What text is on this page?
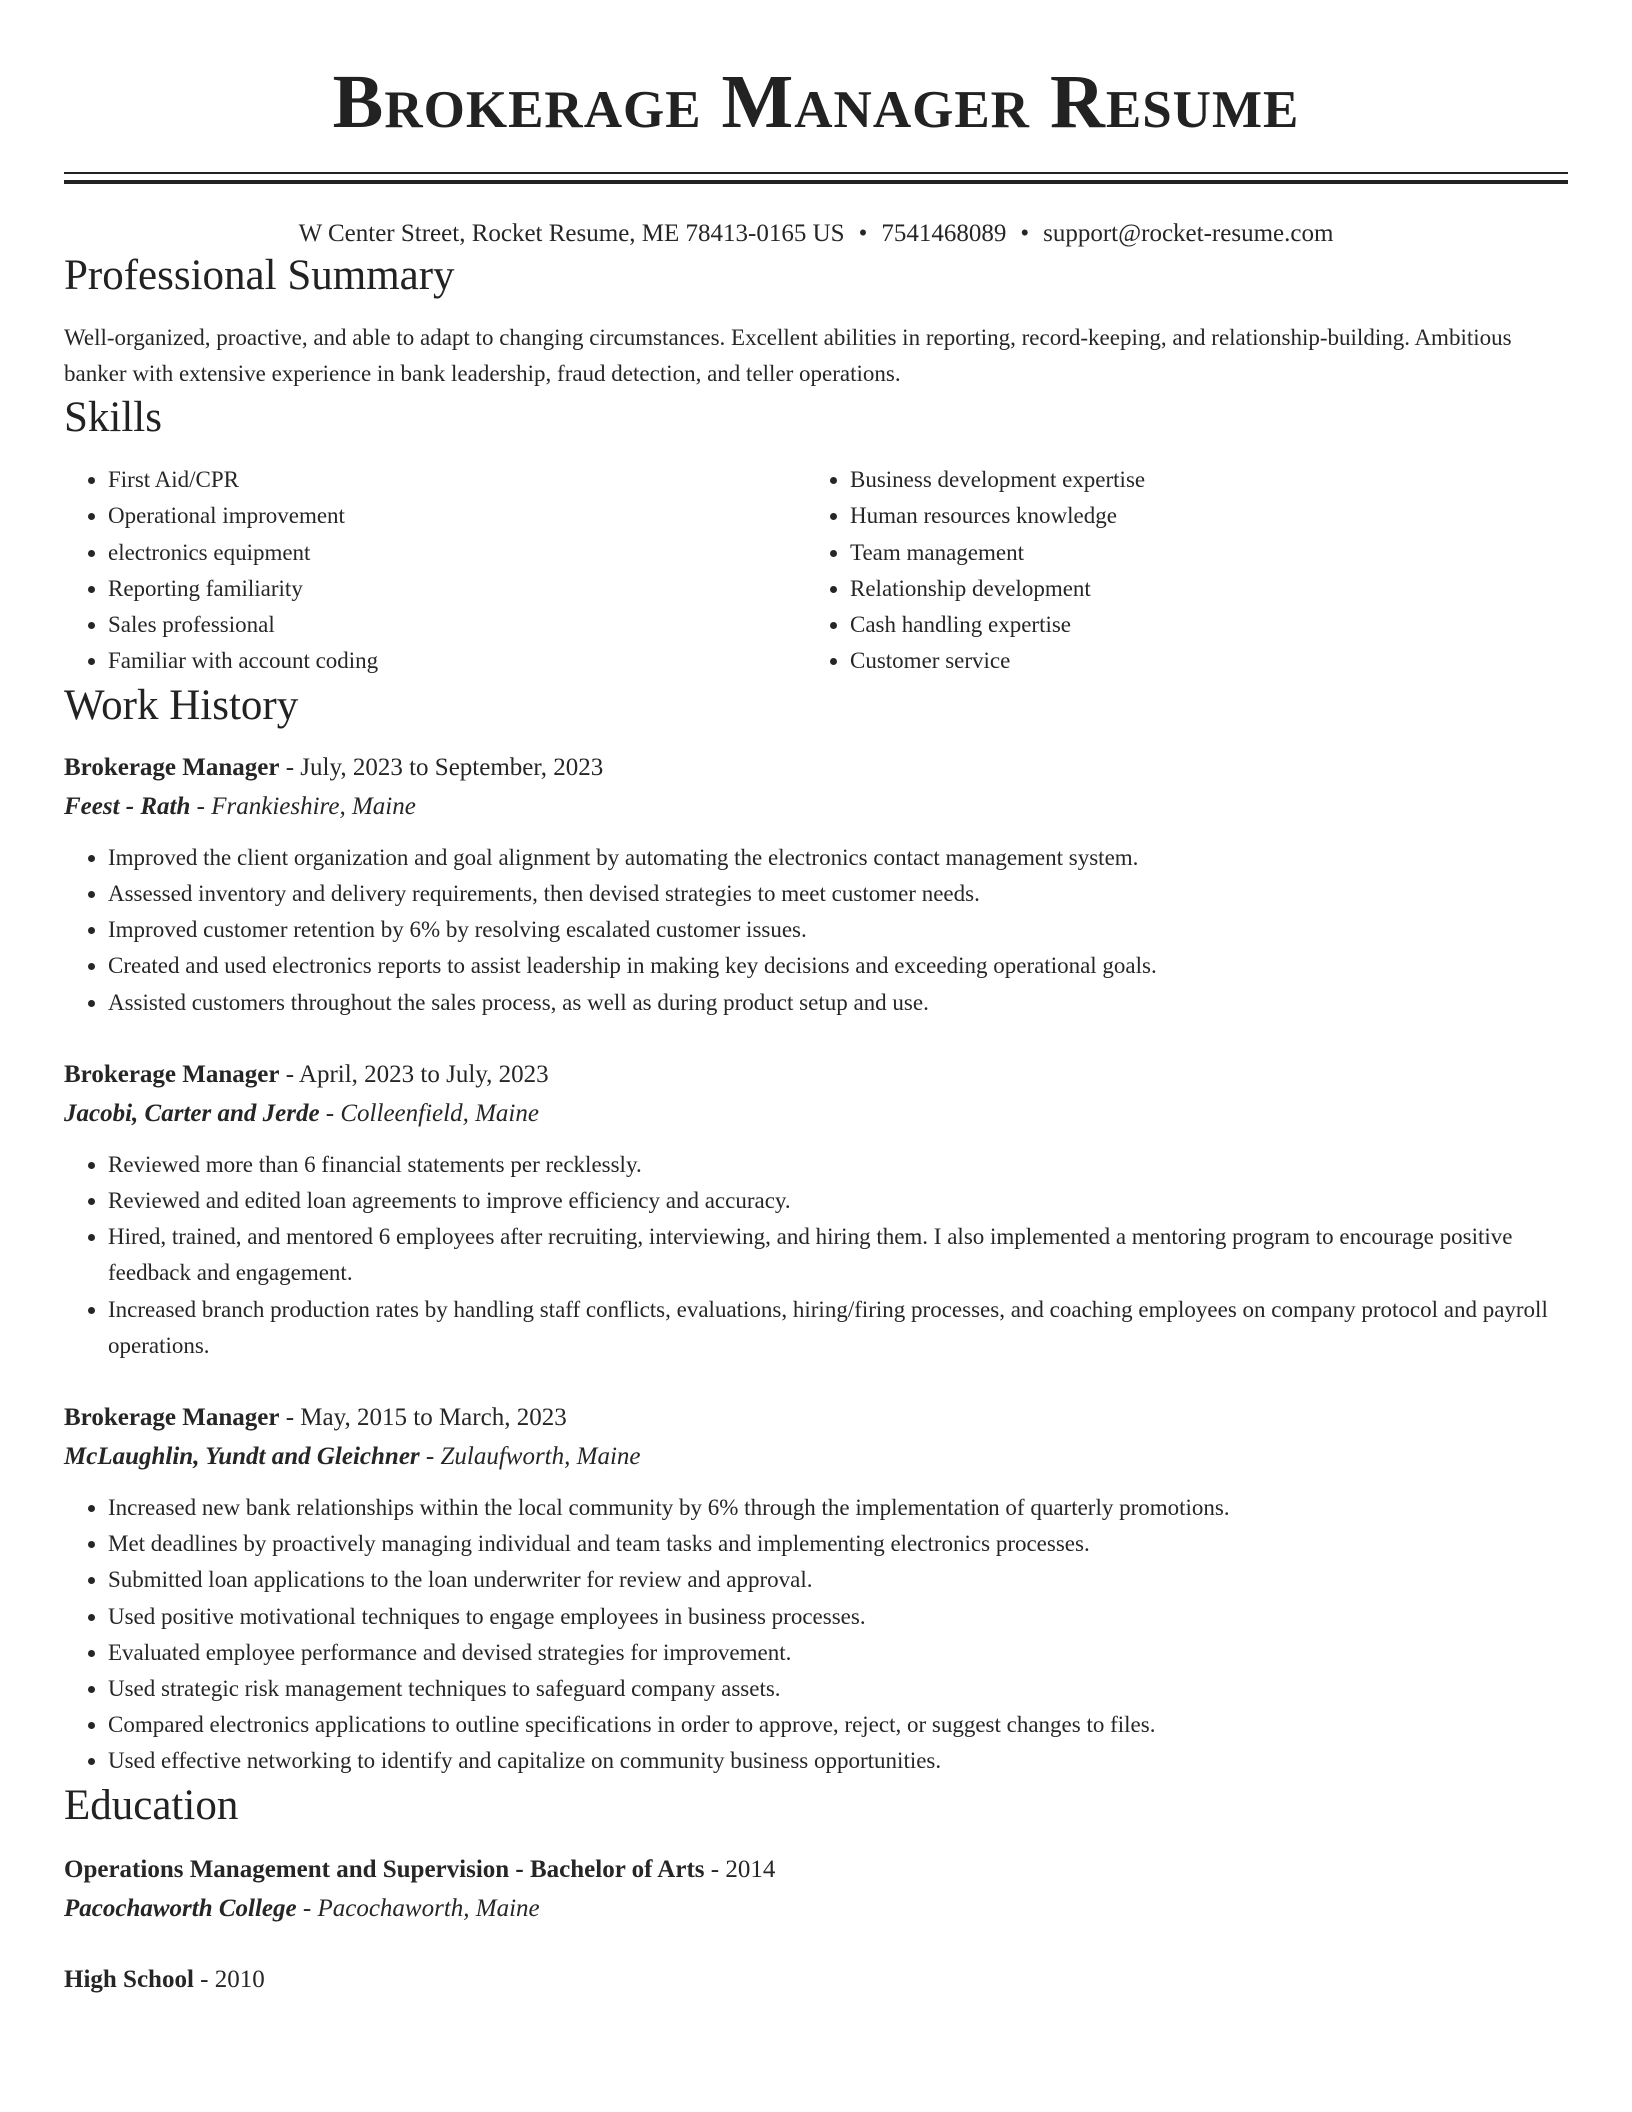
Brokerage Manager Resume
W Center Street, Rocket Resume, ME 78413-0165 US • 7541468089 • support@rocket-resume.com
Professional Summary
Well-organized, proactive, and able to adapt to changing circumstances. Excellent abilities in reporting, record-keeping, and relationship-building. Ambitious banker with extensive experience in bank leadership, fraud detection, and teller operations.
Skills
• First Aid/CPR
• Operational improvement
• electronics equipment
• Reporting familiarity
• Sales professional
• Familiar with account coding
• Business development expertise
• Human resources knowledge
• Team management
• Relationship development
• Cash handling expertise
• Customer service
Work History
Brokerage Manager - July, 2023 to September, 2023
Feest - Rath - Frankieshire, Maine
• Improved the client organization and goal alignment by automating the electronics contact management system.
• Assessed inventory and delivery requirements, then devised strategies to meet customer needs.
• Improved customer retention by 6% by resolving escalated customer issues.
• Created and used electronics reports to assist leadership in making key decisions and exceeding operational goals.
• Assisted customers throughout the sales process, as well as during product setup and use.
Brokerage Manager - April, 2023 to July, 2023
Jacobi, Carter and Jerde - Colleenfield, Maine
• Reviewed more than 6 financial statements per recklessly.
• Reviewed and edited loan agreements to improve efficiency and accuracy.
• Hired, trained, and mentored 6 employees after recruiting, interviewing, and hiring them. I also implemented a mentoring program to encourage positive feedback and engagement.
• Increased branch production rates by handling staff conflicts, evaluations, hiring/firing processes, and coaching employees on company protocol and payroll operations.
Brokerage Manager - May, 2015 to March, 2023
McLaughlin, Yundt and Gleichner - Zulaufworth, Maine
• Increased new bank relationships within the local community by 6% through the implementation of quarterly promotions.
• Met deadlines by proactively managing individual and team tasks and implementing electronics processes.
• Submitted loan applications to the loan underwriter for review and approval.
• Used positive motivational techniques to engage employees in business processes.
• Evaluated employee performance and devised strategies for improvement.
• Used strategic risk management techniques to safeguard company assets.
• Compared electronics applications to outline specifications in order to approve, reject, or suggest changes to files.
• Used effective networking to identify and capitalize on community business opportunities.
Education
Operations Management and Supervision - Bachelor of Arts - 2014
Pacochaworth College - Pacochaworth, Maine
High School - 2010
